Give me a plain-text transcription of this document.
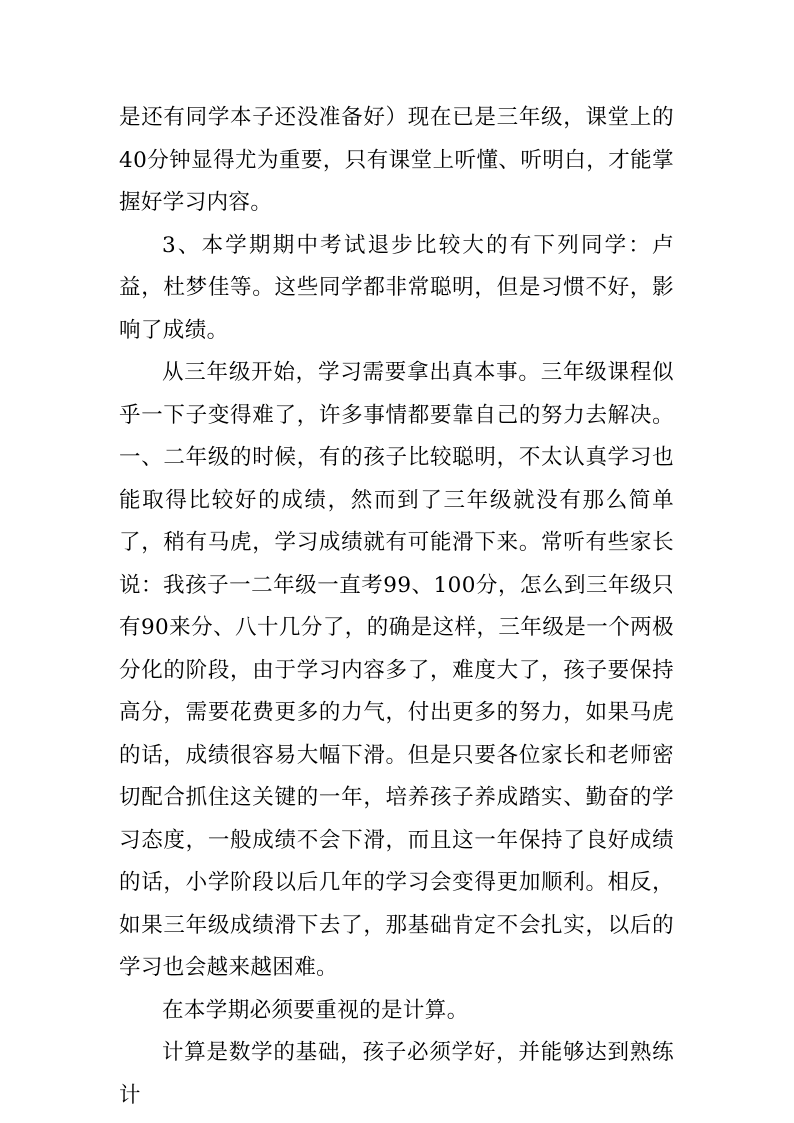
是还有同学本子还没准备好）现在已是三年级，课堂上的40分钟显得尤为重要，只有课堂上听懂、听明白，才能掌握好学习内容。

3、本学期期中考试退步比较大的有下列同学：卢益，杜梦佳等。这些同学都非常聪明，但是习惯不好，影响了成绩。

从三年级开始，学习需要拿出真本事。三年级课程似乎一下子变得难了，许多事情都要靠自己的努力去解决。一、二年级的时候，有的孩子比较聪明，不太认真学习也能取得比较好的成绩，然而到了三年级就没有那么简单了，稍有马虎，学习成绩就有可能滑下来。常听有些家长说：我孩子一二年级一直考99、100分，怎么到三年级只有90来分、八十几分了，的确是这样，三年级是一个两极分化的阶段，由于学习内容多了，难度大了，孩子要保持高分，需要花费更多的力气，付出更多的努力，如果马虎的话，成绩很容易大幅下滑。但是只要各位家长和老师密切配合抓住这关键的一年，培养孩子养成踏实、勤奋的学习态度，一般成绩不会下滑，而且这一年保持了良好成绩的话，小学阶段以后几年的学习会变得更加顺利。相反，如果三年级成绩滑下去了，那基础肯定不会扎实，以后的学习也会越来越困难。

在本学期必须要重视的是计算。

计算是数学的基础，孩子必须学好，并能够达到熟练计
